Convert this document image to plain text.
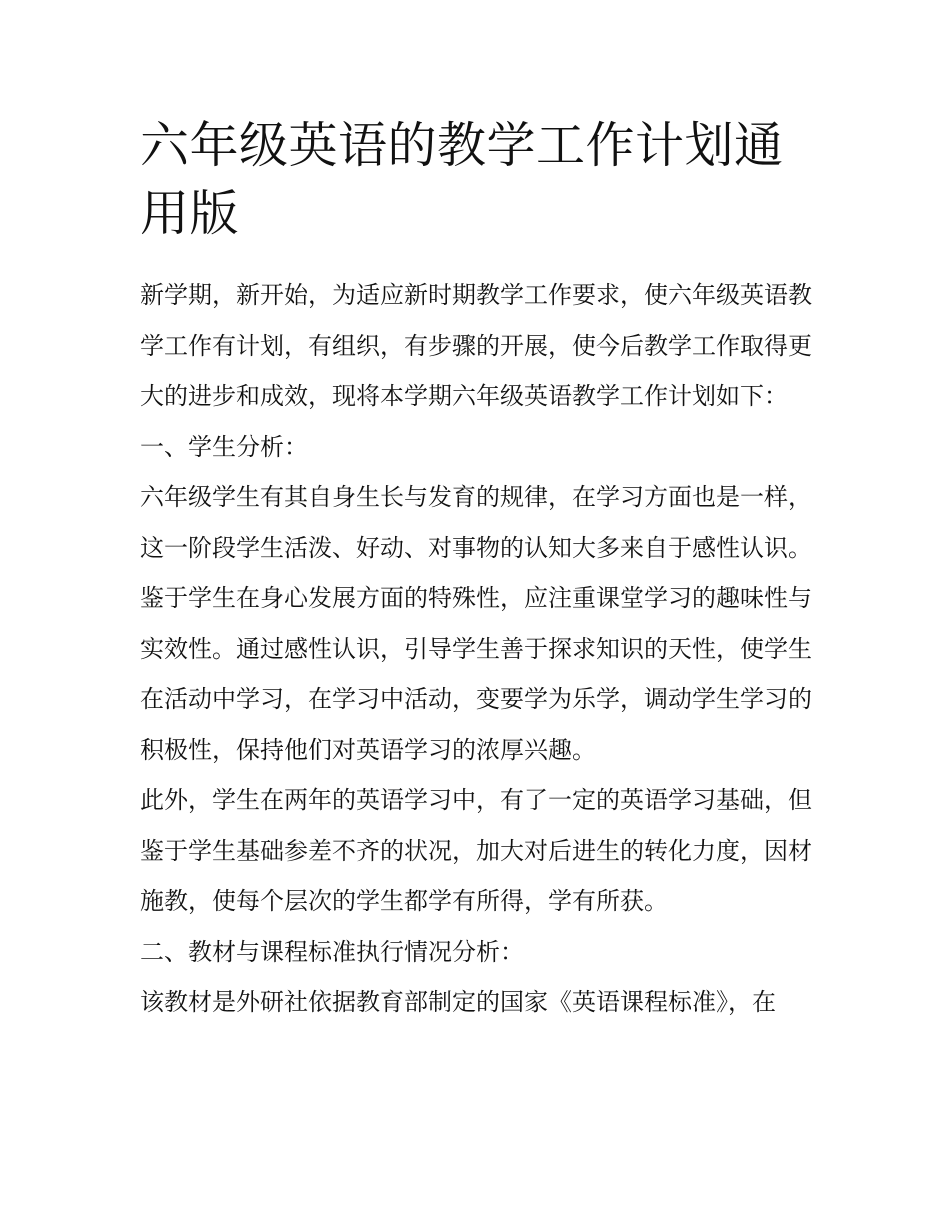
六年级英语的教学工作计划通用版

新学期，新开始，为适应新时期教学工作要求，使六年级英语教学工作有计划，有组织，有步骤的开展，使今后教学工作取得更大的进步和成效，现将本学期六年级英语教学工作计划如下：

一、学生分析：

六年级学生有其自身生长与发育的规律，在学习方面也是一样，这一阶段学生活泼、好动、对事物的认知大多来自于感性认识。鉴于学生在身心发展方面的特殊性，应注重课堂学习的趣味性与实效性。通过感性认识，引导学生善于探求知识的天性，使学生在活动中学习，在学习中活动，变要学为乐学，调动学生学习的积极性，保持他们对英语学习的浓厚兴趣。

此外，学生在两年的英语学习中，有了一定的英语学习基础，但鉴于学生基础参差不齐的状况，加大对后进生的转化力度，因材施教，使每个层次的学生都学有所得，学有所获。

二、教材与课程标准执行情况分析：

该教材是外研社依据教育部制定的国家《英语课程标准》，在
